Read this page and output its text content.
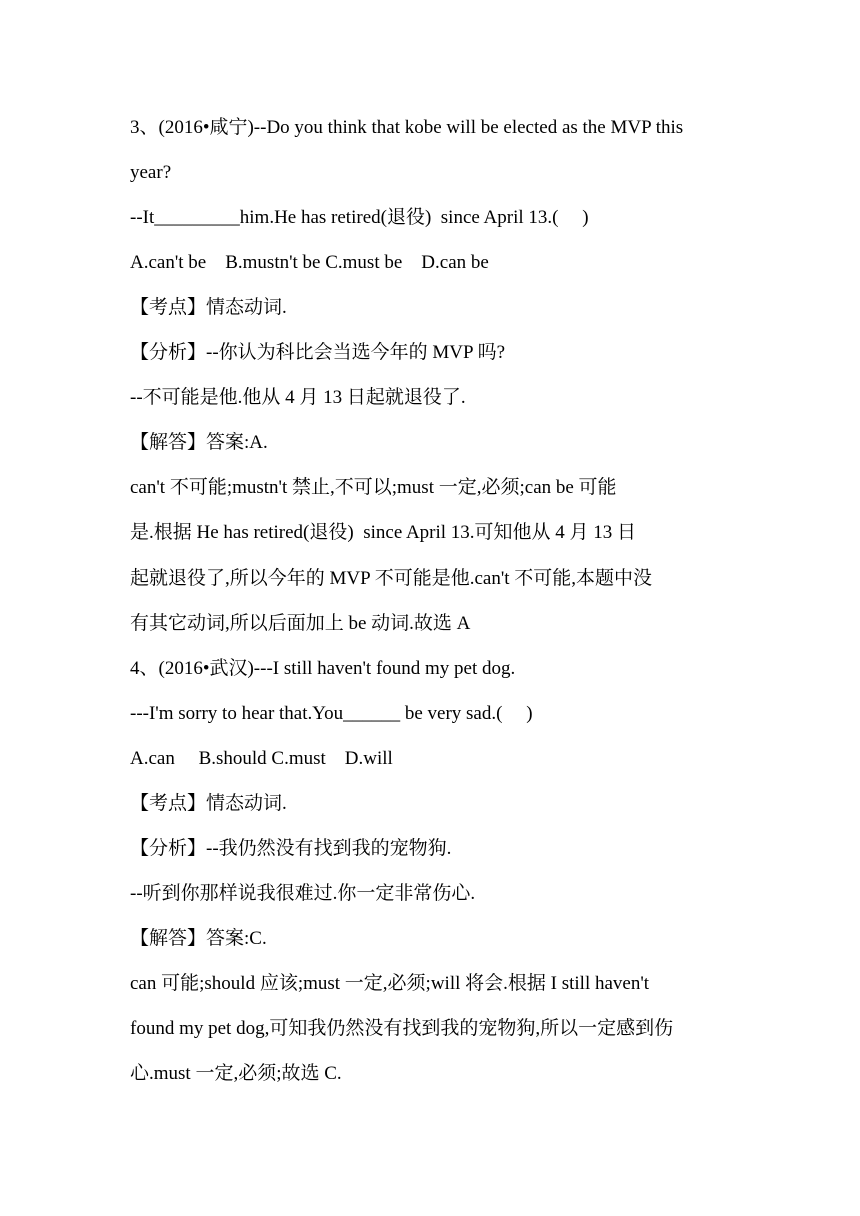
3、(2016•咸宁)--Do you think that kobe will be elected as the MVP this
year?
--It_________him.He has retired(退役)  since April 13.(     )
A.can't be    B.mustn't be C.must be    D.can be
【考点】情态动词.
【分析】--你认为科比会当选今年的 MVP 吗?
--不可能是他.他从 4 月 13 日起就退役了.
【解答】答案:A.
can't 不可能;mustn't 禁止,不可以;must 一定,必须;can be 可能
是.根据 He has retired(退役)  since April 13.可知他从 4 月 13 日
起就退役了,所以今年的 MVP 不可能是他.can't 不可能,本题中没
有其它动词,所以后面加上 be 动词.故选 A
4、(2016•武汉)---I still haven't found my pet dog.
---I'm sorry to hear that.You______ be very sad.(     )
A.can     B.should C.must    D.will
【考点】情态动词.
【分析】--我仍然没有找到我的宠物狗.
--听到你那样说我很难过.你一定非常伤心.
【解答】答案:C.
can 可能;should 应该;must 一定,必须;will 将会.根据 I still haven't
found my pet dog,可知我仍然没有找到我的宠物狗,所以一定感到伤
心.must 一定,必须;故选 C.
